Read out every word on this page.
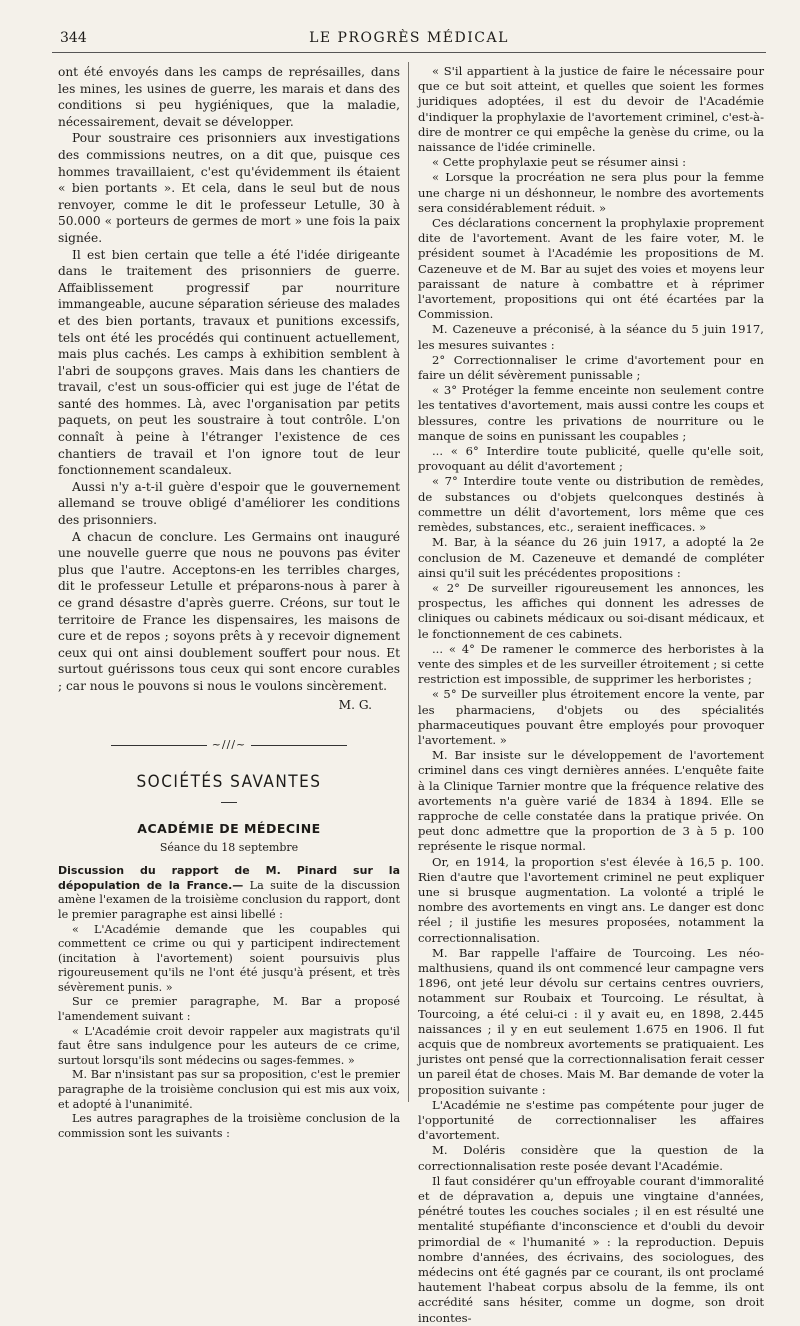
344	LE PROGRÈS MÉDICAL

ont été envoyés dans les camps de représailles, dans les mines, les usines de guerre, les marais et dans des conditions si peu hygiéniques, que la maladie, nécessairement, devait se développer.

Pour soustraire ces prisonniers aux investigations des commissions neutres, on a dit que, puisque ces hommes travaillaient, c'est qu'évidemment ils étaient « bien portants ». Et cela, dans le seul but de nous renvoyer, comme le dit le professeur Letulle, 30 à 50.000 « porteurs de germes de mort » une fois la paix signée.

Il est bien certain que telle a été l'idée dirigeante dans le traitement des prisonniers de guerre. Affaiblissement progressif par nourriture immangeable, aucune séparation sérieuse des malades et des bien portants, travaux et punitions excessifs, tels ont été les procédés qui continuent actuellement, mais plus cachés. Les camps à exhibition semblent à l'abri de soupçons graves. Mais dans les chantiers de travail, c'est un sous-officier qui est juge de l'état de santé des hommes. Là, avec l'organisation par petits paquets, on peut les soustraire à tout contrôle. L'on connaît à peine à l'étranger l'existence de ces chantiers de travail et l'on ignore tout de leur fonctionnement scandaleux.

Aussi n'y a-t-il guère d'espoir que le gouvernement allemand se trouve obligé d'améliorer les conditions des prisonniers.

A chacun de conclure. Les Germains ont inauguré une nouvelle guerre que nous ne pouvons pas éviter plus que l'autre. Acceptons-en les terribles charges, dit le professeur Letulle et préparons-nous à parer à ce grand désastre d'après guerre. Créons, sur tout le territoire de France les dispensaires, les maisons de cure et de repos ; soyons prêts à y recevoir dignement ceux qui ont ainsi doublement souffert pour nous. Et surtout guérissons tous ceux qui sont encore curables ; car nous le pouvons si nous le voulons sincèrement.

M. G.
~∕∕∕~
SOCIÉTÉS SAVANTES
ACADÉMIE DE MÉDECINE
Séance du 18 septembre

Discussion du rapport de M. Pinard sur la dépopulation de la France.— La suite de la discussion amène l'examen de la troisième conclusion du rapport, dont le premier paragraphe est ainsi libellé :

« L'Académie demande que les coupables qui commettent ce crime ou qui y participent indirectement (incitation à l'avortement) soient poursuivis plus rigoureusement qu'ils ne l'ont été jusqu'à présent, et très sévèrement punis. »

Sur ce premier paragraphe, M. Bar a proposé l'amendement suivant :

« L'Académie croit devoir rappeler aux magistrats qu'il faut être sans indulgence pour les auteurs de ce crime, surtout lorsqu'ils sont médecins ou sages-femmes. »

M. Bar n'insistant pas sur sa proposition, c'est le premier paragraphe de la troisième conclusion qui est mis aux voix, et adopté à l'unanimité.

Les autres paragraphes de la troisième conclusion de la commission sont les suivants :

« S'il appartient à la justice de faire le nécessaire pour que ce but soit atteint, et quelles que soient les formes juridiques adoptées, il est du devoir de l'Académie d'indiquer la prophylaxie de l'avortement criminel, c'est-à-dire de montrer ce qui empêche la genèse du crime, ou la naissance de l'idée criminelle.

« Cette prophylaxie peut se résumer ainsi :

« Lorsque la procréation ne sera plus pour la femme une charge ni un déshonneur, le nombre des avortements sera considérablement réduit. »

Ces déclarations concernent la prophylaxie proprement dite de l'avortement. Avant de les faire voter, M. le président soumet à l'Académie les propositions de M. Cazeneuve et de M. Bar au sujet des voies et moyens leur paraissant de nature à combattre et à réprimer l'avortement, propositions qui ont été écartées par la Commission.

M. Cazeneuve a préconisé, à la séance du 5 juin 1917, les mesures suivantes :

2° Correctionnaliser le crime d'avortement pour en faire un délit sévèrement punissable ;

« 3° Protéger la femme enceinte non seulement contre les tentatives d'avortement, mais aussi contre les coups et blessures, contre les privations de nourriture ou le manque de soins en punissant les coupables ;

... « 6° Interdire toute publicité, quelle qu'elle soit, provoquant au délit d'avortement ;

« 7° Interdire toute vente ou distribution de remèdes, de substances ou d'objets quelconques destinés à commettre un délit d'avortement, lors même que ces remèdes, substances, etc., seraient inefficaces. »

M. Bar, à la séance du 26 juin 1917, a adopté la 2e conclusion de M. Cazeneuve et demandé de compléter ainsi qu'il suit les précédentes propositions :

« 2° De surveiller rigoureusement les annonces, les prospectus, les affiches qui donnent les adresses de cliniques ou cabinets médicaux ou soi-disant médicaux, et le fonctionnement de ces cabinets.

... « 4° De ramener le commerce des herboristes à la vente des simples et de les surveiller étroitement ; si cette restriction est impossible, de supprimer les herboristes ;

« 5° De surveiller plus étroitement encore la vente, par les pharmaciens, d'objets ou des spécialités pharmaceutiques pouvant être employés pour provoquer l'avortement. »

M. Bar insiste sur le développement de l'avortement criminel dans ces vingt dernières années. L'enquête faite à la Clinique Tarnier montre que la fréquence relative des avortements n'a guère varié de 1834 à 1894. Elle se rapproche de celle constatée dans la pratique privée. On peut donc admettre que la proportion de 3 à 5 p. 100 représente le risque normal.

Or, en 1914, la proportion s'est élevée à 16,5 p. 100. Rien d'autre que l'avortement criminel ne peut expliquer une si brusque augmentation. La volonté a triplé le nombre des avortements en vingt ans. Le danger est donc réel ; il justifie les mesures proposées, notamment la correctionnalisation.

M. Bar rappelle l'affaire de Tourcoing. Les néo-malthusiens, quand ils ont commencé leur campagne vers 1896, ont jeté leur dévolu sur certains centres ouvriers, notamment sur Roubaix et Tourcoing. Le résultat, à Tourcoing, a été celui-ci : il y avait eu, en 1898, 2.445 naissances ; il y en eut seulement 1.675 en 1906. Il fut acquis que de nombreux avortements se pratiquaient. Les juristes ont pensé que la correctionnalisation ferait cesser un pareil état de choses. Mais M. Bar demande de voter la proposition suivante :

L'Académie ne s'estime pas compétente pour juger de l'opportunité de correctionnaliser les affaires d'avortement.

M. Doléris considère que la question de la correctionnalisation reste posée devant l'Académie.

Il faut considérer qu'un effroyable courant d'immoralité et de dépravation a, depuis une vingtaine d'années, pénétré toutes les couches sociales ; il en est résulté une mentalité stupéfiante d'inconscience et d'oubli du devoir primordial de « l'humanité » : la reproduction. Depuis nombre d'années, des écrivains, des sociologues, des médecins ont été gagnés par ce courant, ils ont proclamé hautement l'habeat corpus absolu de la femme, ils ont accrédité sans hésiter, comme un dogme, son droit incontes-
